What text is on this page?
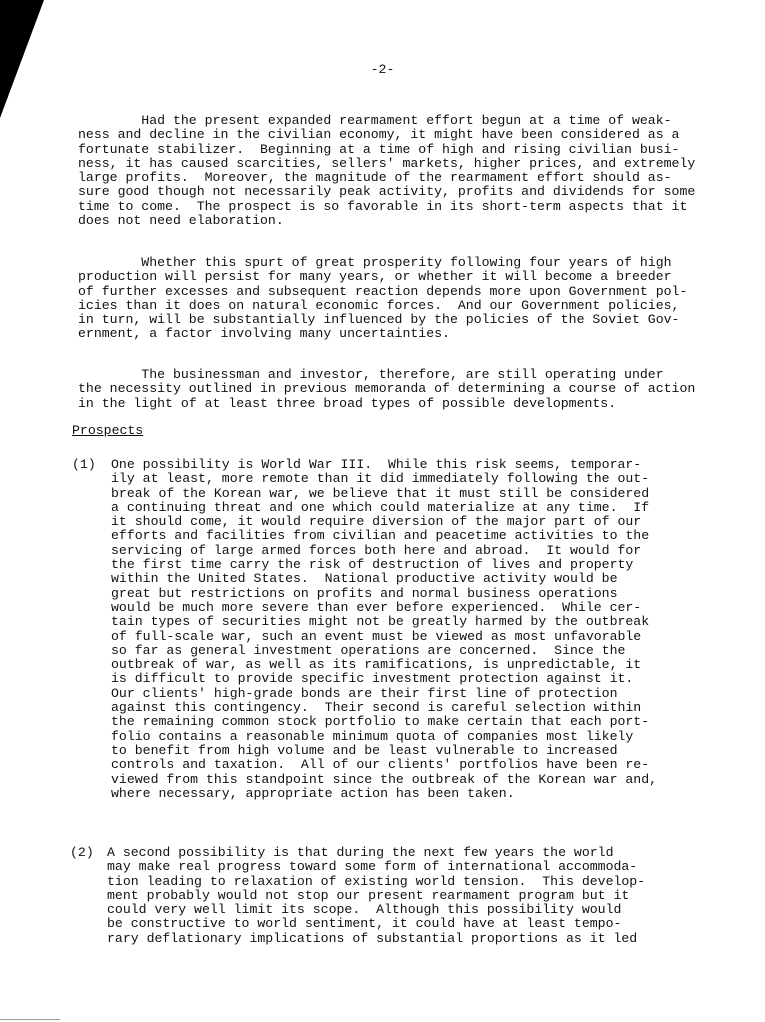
-2-
Had the present expanded rearmament effort begun at a time of weak-
ness and decline in the civilian economy, it might have been considered as a
fortunate stabilizer.  Beginning at a time of high and rising civilian busi-
ness, it has caused scarcities, sellers' markets, higher prices, and extremely
large profits.  Moreover, the magnitude of the rearmament effort should as-
sure good though not necessarily peak activity, profits and dividends for some
time to come.  The prospect is so favorable in its short-term aspects that it
does not need elaboration.
Whether this spurt of great prosperity following four years of high
production will persist for many years, or whether it will become a breeder
of further excesses and subsequent reaction depends more upon Government pol-
icies than it does on natural economic forces.  And our Government policies,
in turn, will be substantially influenced by the policies of the Soviet Gov-
ernment, a factor involving many uncertainties.
The businessman and investor, therefore, are still operating under
the necessity outlined in previous memoranda of determining a course of action
in the light of at least three broad types of possible developments.
Prospects
(1) One possibility is World War III.  While this risk seems, temporar-
ily at least, more remote than it did immediately following the out-
break of the Korean war, we believe that it must still be considered
a continuing threat and one which could materialize at any time.  If
it should come, it would require diversion of the major part of our
efforts and facilities from civilian and peacetime activities to the
servicing of large armed forces both here and abroad.  It would for
the first time carry the risk of destruction of lives and property
within the United States.  National productive activity would be
great but restrictions on profits and normal business operations
would be much more severe than ever before experienced.  While cer-
tain types of securities might not be greatly harmed by the outbreak
of full-scale war, such an event must be viewed as most unfavorable
so far as general investment operations are concerned.  Since the
outbreak of war, as well as its ramifications, is unpredictable, it
is difficult to provide specific investment protection against it.
Our clients' high-grade bonds are their first line of protection
against this contingency.  Their second is careful selection within
the remaining common stock portfolio to make certain that each port-
folio contains a reasonable minimum quota of companies most likely
to benefit from high volume and be least vulnerable to increased
controls and taxation.  All of our clients' portfolios have been re-
viewed from this standpoint since the outbreak of the Korean war and,
where necessary, appropriate action has been taken.
(2) A second possibility is that during the next few years the world
may make real progress toward some form of international accommoda-
tion leading to relaxation of existing world tension.  This develop-
ment probably would not stop our present rearmament program but it
could very well limit its scope.  Although this possibility would
be constructive to world sentiment, it could have at least tempo-
rary deflationary implications of substantial proportions as it led
